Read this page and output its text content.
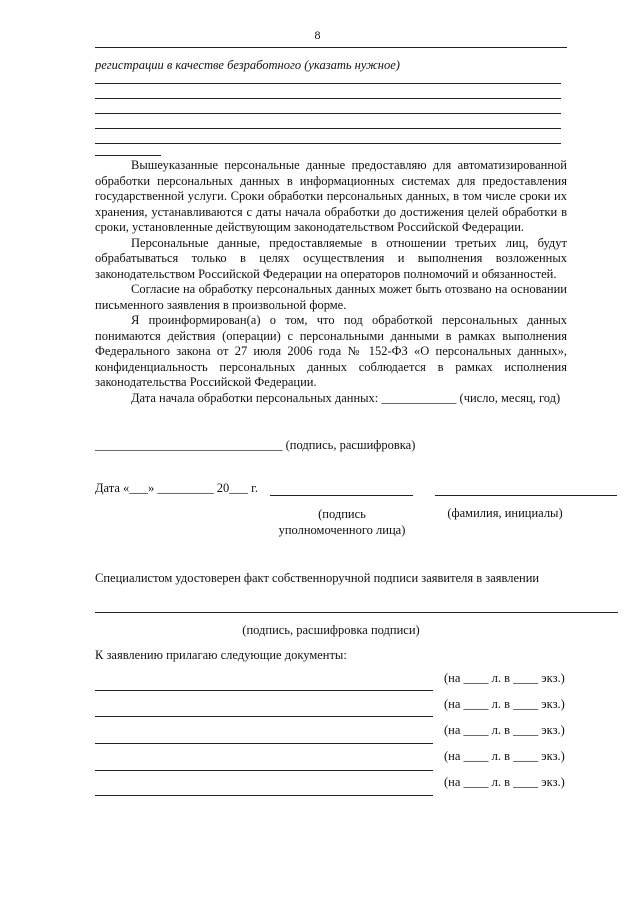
8
регистрации в качестве безработного (указать нужное)

Вышеуказанные персональные данные предоставляю для автоматизированной обработки персональных данных в информационных системах для предоставления государственной услуги. Сроки обработки персональных данных, в том числе сроки их хранения, устанавливаются с даты начала обработки до достижения целей обработки в сроки, установленные действующим законодательством Российской Федерации.

Персональные данные, предоставляемые в отношении третьих лиц, будут обрабатываться только в целях осуществления и выполнения возложенных законодательством Российской Федерации на операторов полномочий и обязанностей.

Согласие на обработку персональных данных может быть отозвано на основании письменного заявления в произвольной форме.

Я проинформирован(а) о том, что под обработкой персональных данных понимаются действия (операции) с персональными данными в рамках выполнения Федерального закона от 27 июля 2006 года № 152-ФЗ «О персональных данных», конфиденциальность персональных данных соблюдается в рамках исполнения законодательства Российской Федерации.

Дата начала обработки персональных данных: ____________ (число, месяц, год)

______________________________ (подпись, расшифровка)
Дата «___» _________ 20___ г.
(подпись
уполномоченного лица)
(фамилия, инициалы)
Специалистом удостоверен факт собственноручной подписи заявителя в заявлении
(подпись, расшифровка подписи)
К заявлению прилагаю следующие документы:
(на ____ л. в ____ экз.)
(на ____ л. в ____ экз.)
(на ____ л. в ____ экз.)
(на ____ л. в ____ экз.)
(на ____ л. в ____ экз.)
